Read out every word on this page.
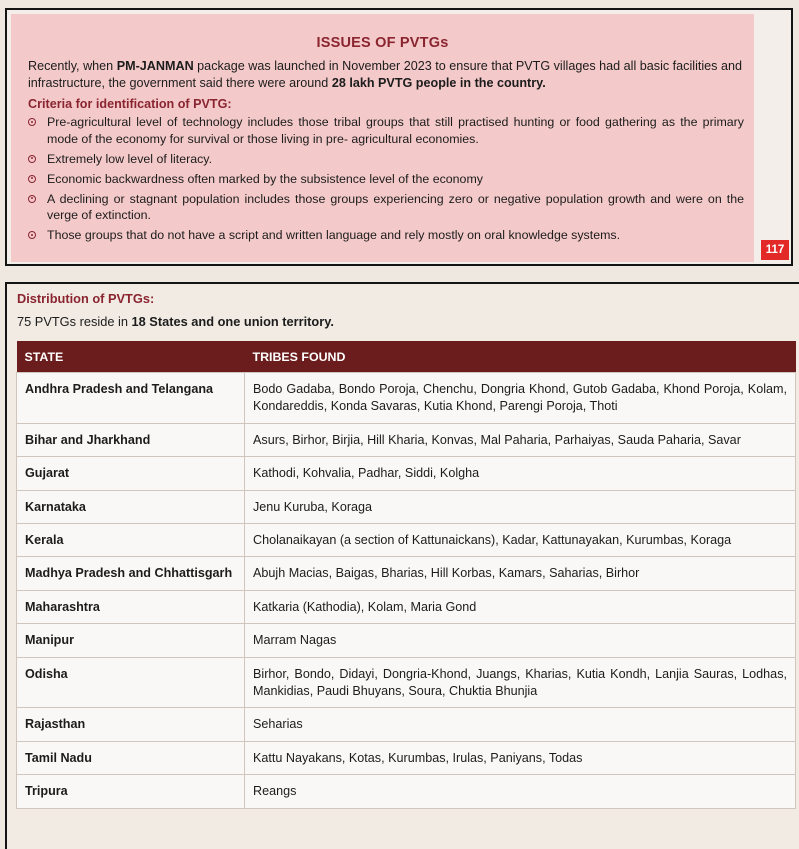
ISSUES OF PVTGs
Recently, when PM-JANMAN package was launched in November 2023 to ensure that PVTG villages had all basic facilities and infrastructure, the government said there were around 28 lakh PVTG people in the country.
Criteria for identification of PVTG:
Pre-agricultural level of technology includes those tribal groups that still practised hunting or food gathering as the primary mode of the economy for survival or those living in pre- agricultural economies.
Extremely low level of literacy.
Economic backwardness often marked by the subsistence level of the economy
A declining or stagnant population includes those groups experiencing zero or negative population growth and were on the verge of extinction.
Those groups that do not have a script and written language and rely mostly on oral knowledge systems.
117
Distribution of PVTGs:
75 PVTGs reside in 18 States and one union territory.
STATE	TRIBES FOUND
Andhra Pradesh and Telangana	Bodo Gadaba, Bondo Poroja, Chenchu, Dongria Khond, Gutob Gadaba, Khond Poroja, Kolam, Kondareddis, Konda Savaras, Kutia Khond, Parengi Poroja, Thoti
Bihar and Jharkhand	Asurs, Birhor, Birjia, Hill Kharia, Konvas, Mal Paharia, Parhaiyas, Sauda Paharia, Savar
Gujarat	Kathodi, Kohvalia, Padhar, Siddi, Kolgha
Karnataka	Jenu Kuruba, Koraga
Kerala	Cholanaikayan (a section of Kattunaickans), Kadar, Kattunayakan, Kurumbas, Koraga
Madhya Pradesh and Chhattisgarh	Abujh Macias, Baigas, Bharias, Hill Korbas, Kamars, Saharias, Birhor
Maharashtra	Katkaria (Kathodia), Kolam, Maria Gond
Manipur	Marram Nagas
Odisha	Birhor, Bondo, Didayi, Dongria-Khond, Juangs, Kharias, Kutia Kondh, Lanjia Sauras, Lodhas, Mankidias, Paudi Bhuyans, Soura, Chuktia Bhunjia
Rajasthan	Seharias
Tamil Nadu	Kattu Nayakans, Kotas, Kurumbas, Irulas, Paniyans, Todas
Tripura	Reangs
